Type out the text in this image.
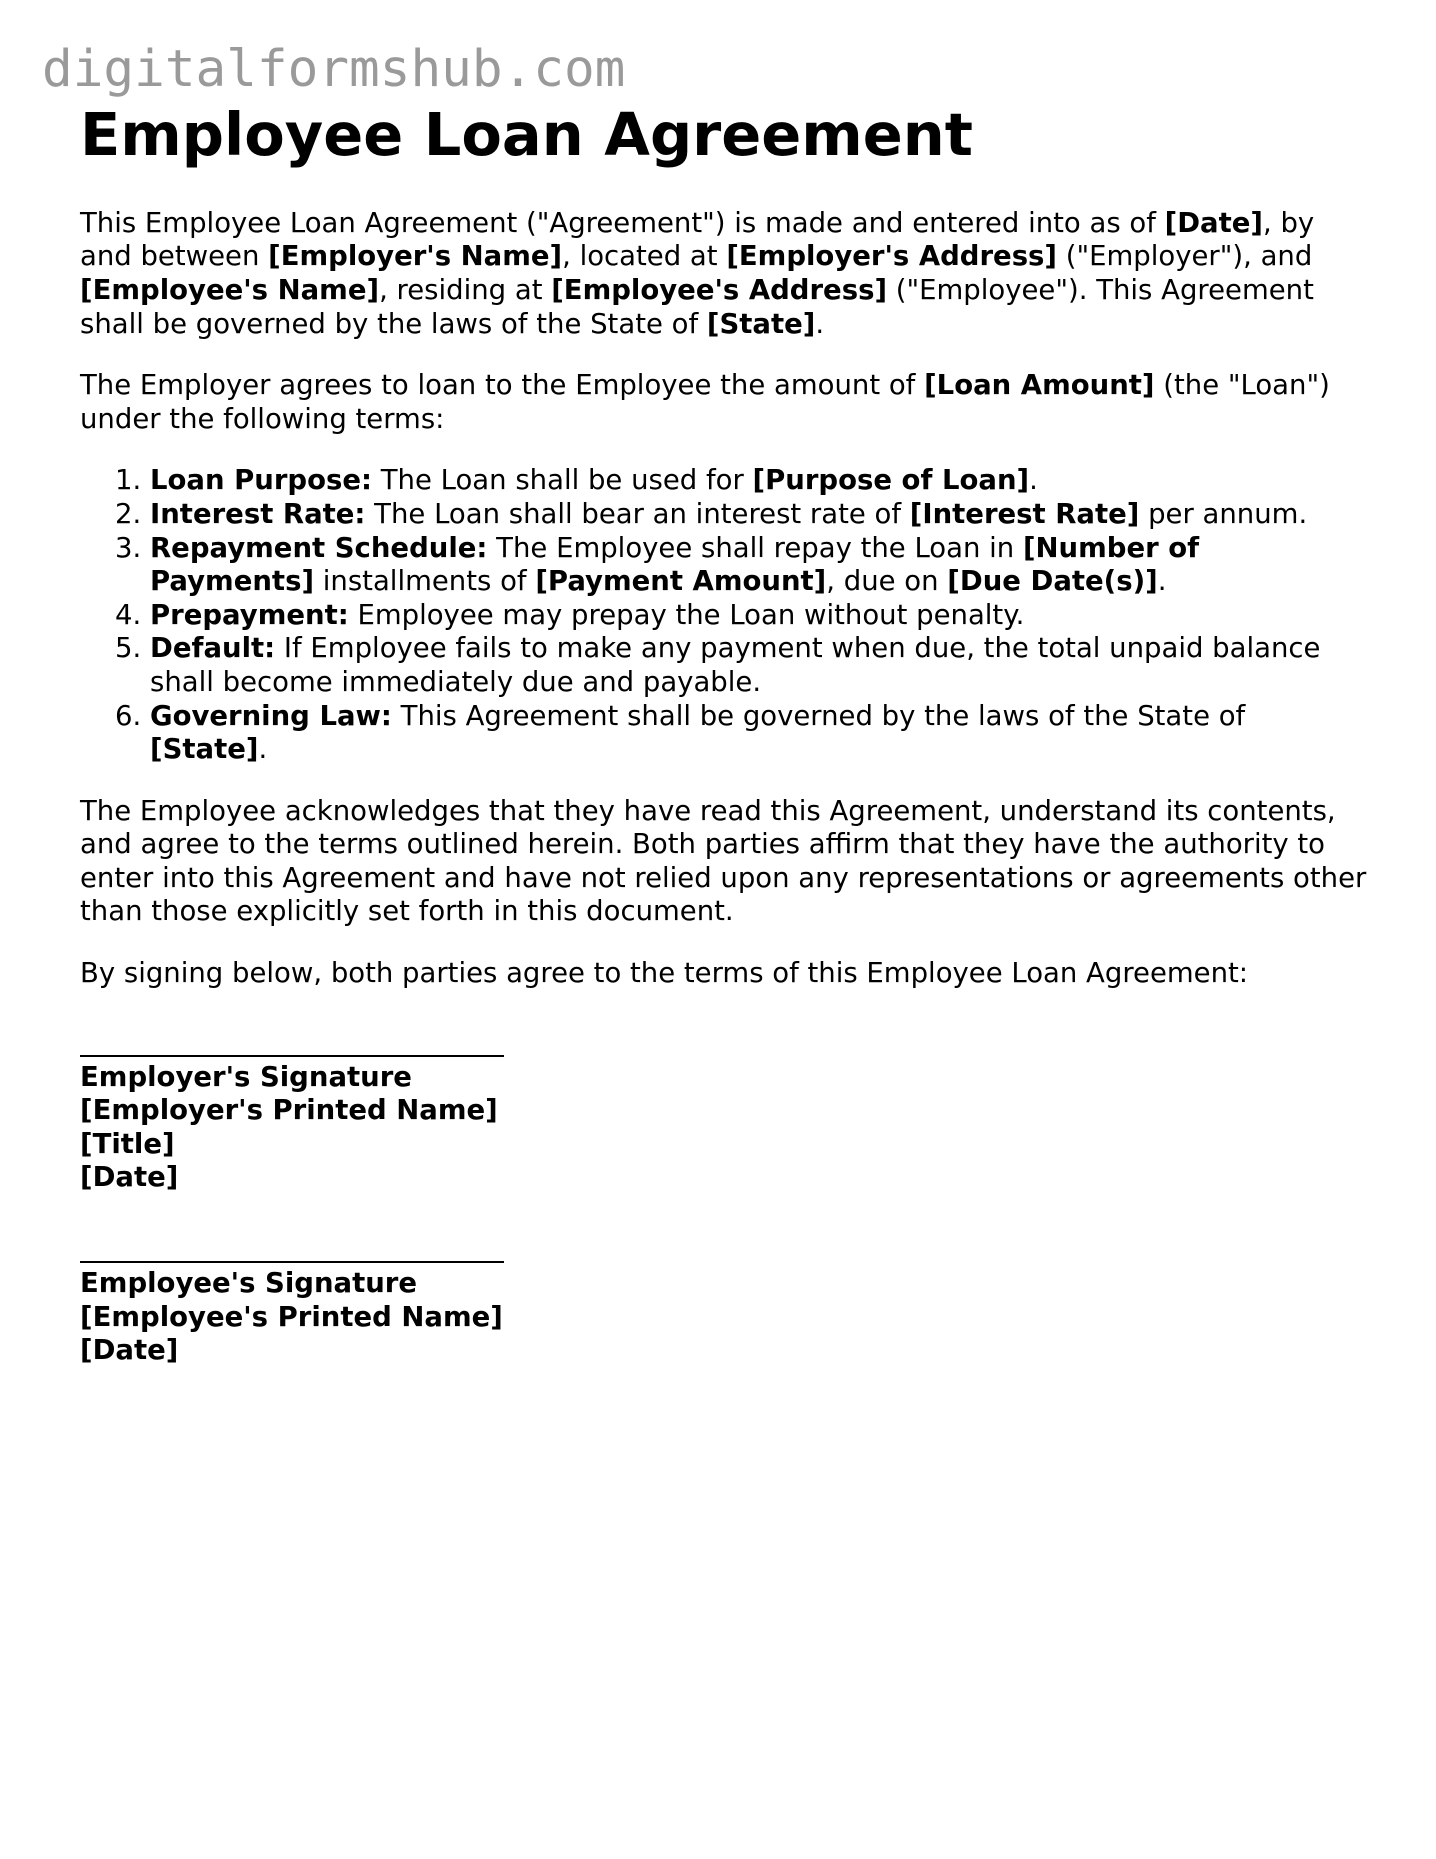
digitalformshub.com
Employee Loan Agreement

This Employee Loan Agreement ("Agreement") is made and entered into as of [Date], by and between [Employer's Name], located at [Employer's Address] ("Employer"), and [Employee's Name], residing at [Employee's Address] ("Employee"). This Agreement shall be governed by the laws of the State of [State].

The Employer agrees to loan to the Employee the amount of [Loan Amount] (the "Loan") under the following terms:

1. Loan Purpose: The Loan shall be used for [Purpose of Loan].
2. Interest Rate: The Loan shall bear an interest rate of [Interest Rate] per annum.
3. Repayment Schedule: The Employee shall repay the Loan in [Number of Payments] installments of [Payment Amount], due on [Due Date(s)].
4. Prepayment: Employee may prepay the Loan without penalty.
5. Default: If Employee fails to make any payment when due, the total unpaid balance shall become immediately due and payable.
6. Governing Law: This Agreement shall be governed by the laws of the State of [State].

The Employee acknowledges that they have read this Agreement, understand its contents, and agree to the terms outlined herein. Both parties affirm that they have the authority to enter into this Agreement and have not relied upon any representations or agreements other than those explicitly set forth in this document.

By signing below, both parties agree to the terms of this Employee Loan Agreement:

Employer's Signature
[Employer's Printed Name]
[Title]
[Date]
Employee's Signature
[Employee's Printed Name]
[Date]
